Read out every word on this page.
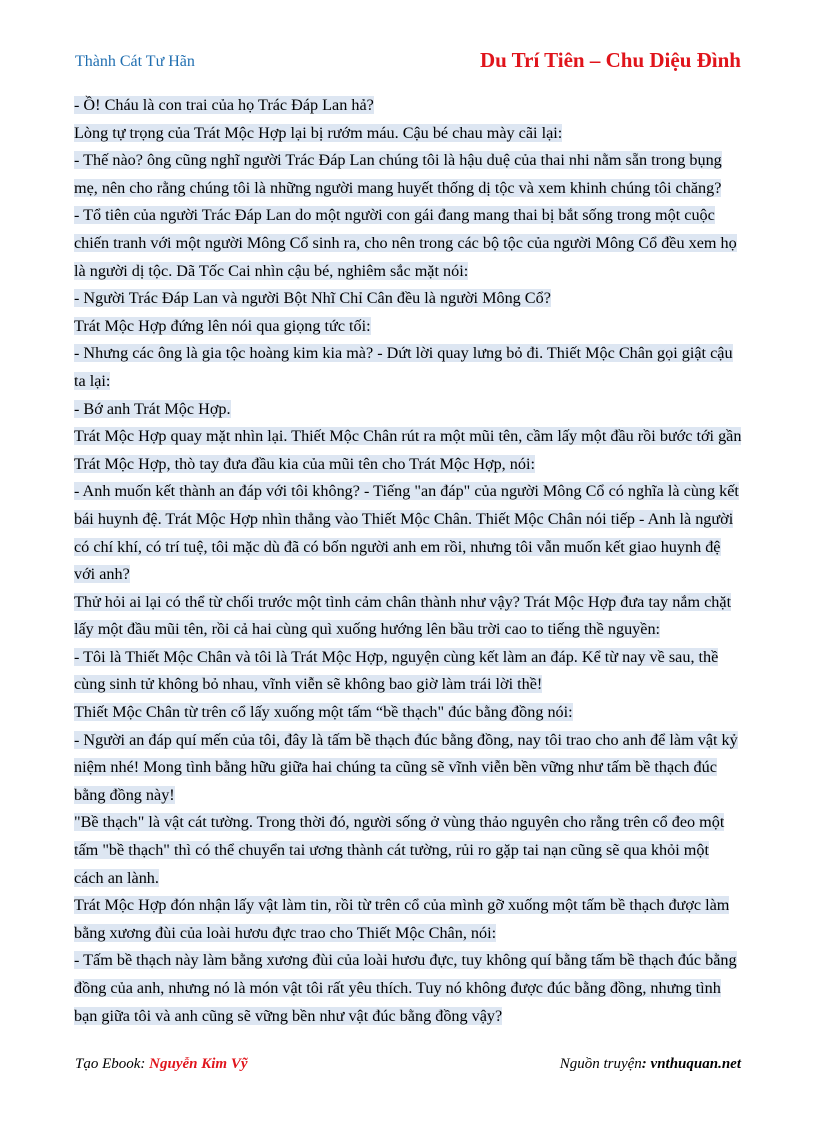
Thành Cát Tư Hãn	Du Trí Tiên – Chu Diệu Đình

- Ồ! Cháu là con trai của họ Trác Đáp Lan hả?

Lòng tự trọng của Trát Mộc Hợp lại bị rướm máu. Cậu bé chau mày cãi lại:

- Thế nào? ông cũng nghĩ người Trác Đáp Lan chúng tôi là hậu duệ của thai nhi nằm sẵn trong bụng mẹ, nên cho rằng chúng tôi là những người mang huyết thống dị tộc và xem khinh chúng tôi chăng?

- Tổ tiên của người Trác Đáp Lan do một người con gái đang mang thai bị bắt sống trong một cuộc chiến tranh với một người Mông Cổ sinh ra, cho nên trong các bộ tộc của người Mông Cổ đều xem họ là người dị tộc. Dã Tốc Cai nhìn cậu bé, nghiêm sắc mặt nói:

- Người Trác Đáp Lan và người Bột Nhĩ Chỉ Cân đều là người Mông Cổ?

Trát Mộc Hợp đứng lên nói qua giọng tức tối:

- Nhưng các ông là gia tộc hoàng kim kia mà? - Dứt lời quay lưng bỏ đi. Thiết Mộc Chân gọi giật cậu ta lại:

- Bớ anh Trát Mộc Hợp.

Trát Mộc Hợp quay mặt nhìn lại. Thiết Mộc Chân rút ra một mũi tên, cầm lấy một đầu rồi bước tới gần Trát Mộc Hợp, thò tay đưa đầu kia của mũi tên cho Trát Mộc Hợp, nói:

- Anh muốn kết thành an đáp với tôi không? - Tiếng "an đáp" của người Mông Cổ có nghĩa là cùng kết bái huynh đệ. Trát Mộc Hợp nhìn thẳng vào Thiết Mộc Chân. Thiết Mộc Chân nói tiếp - Anh là người có chí khí, có trí tuệ, tôi mặc dù đã có bốn người anh em rồi, nhưng tôi vẫn muốn kết giao huynh đệ với anh?

Thử hỏi ai lại có thể từ chối trước một tình cảm chân thành như vậy? Trát Mộc Hợp đưa tay nắm chặt lấy một đầu mũi tên, rồi cả hai cùng quì xuống hướng lên bầu trời cao to tiếng thề nguyền:

- Tôi là Thiết Mộc Chân và tôi là Trát Mộc Hợp, nguyện cùng kết làm an đáp. Kể từ nay về sau, thề cùng sinh tử không bỏ nhau, vĩnh viễn sẽ không bao giờ làm trái lời thề!

Thiết Mộc Chân từ trên cổ lấy xuống một tấm “bề thạch" đúc bằng đồng nói:

- Người an đáp quí mến của tôi, đây là tấm bề thạch đúc bằng đồng, nay tôi trao cho anh để làm vật kỷ niệm nhé! Mong tình bằng hữu giữa hai chúng ta cũng sẽ vĩnh viễn bền vững như tấm bề thạch đúc bằng đồng này!

"Bề thạch" là vật cát tường. Trong thời đó, người sống ở vùng thảo nguyên cho rằng trên cổ đeo một tấm "bề thạch" thì có thể chuyển tai ương thành cát tường, rủi ro gặp tai nạn cũng sẽ qua khỏi một cách an lành.

Trát Mộc Hợp đón nhận lấy vật làm tin, rồi từ trên cổ của mình gỡ xuống một tấm bề thạch được làm bằng xương đùi của loài hươu đực trao cho Thiết Mộc Chân, nói:

- Tấm bề thạch này làm bằng xương đùi của loài hươu đực, tuy không quí bằng tấm bề thạch đúc bằng đồng của anh, nhưng nó là món vật tôi rất yêu thích. Tuy nó không được đúc bằng đồng, nhưng tình bạn giữa tôi và anh cũng sẽ vững bền như vật đúc bằng đồng vậy?

Tạo Ebook: Nguyễn Kim Vỹ	Nguồn truyện: vnthuquan.net
